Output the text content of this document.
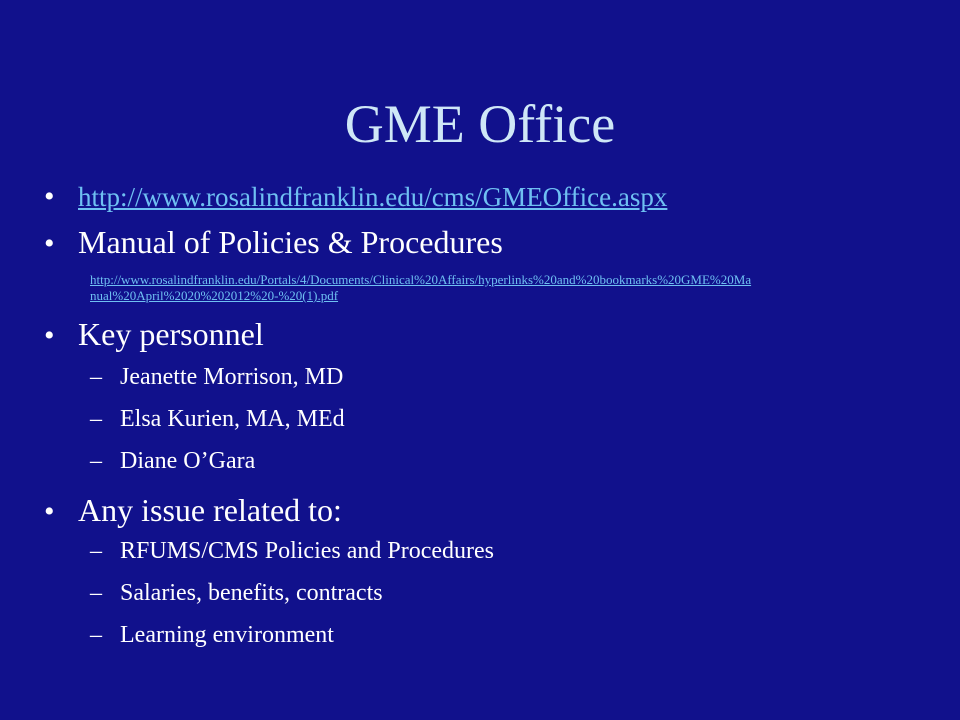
GME Office
• http://www.rosalindfranklin.edu/cms/GMEOffice.aspx
• Manual of Policies & Procedures
http://www.rosalindfranklin.edu/Portals/4/Documents/Clinical%20Affairs/hyperlinks%20and%20bookmarks%20GME%20Ma
nual%20April%2020%202012%20-%20(1).pdf
• Key personnel
– Jeanette Morrison, MD
– Elsa Kurien, MA, MEd
– Diane O’Gara
• Any issue related to:
– RFUMS/CMS Policies and Procedures
– Salaries, benefits, contracts
– Learning environment
